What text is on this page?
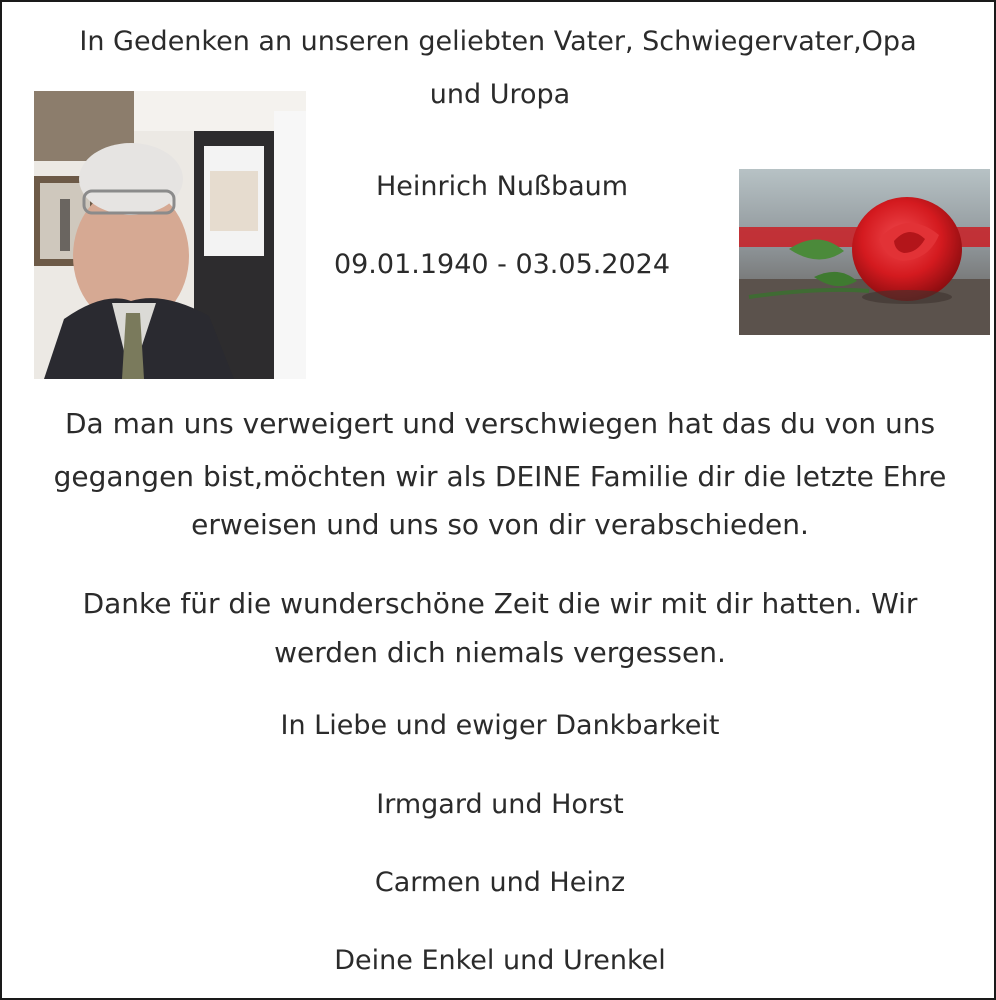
In Gedenken an unseren geliebten Vater, Schwiegervater,Opa
und Uropa
Heinrich Nußbaum
09.01.1940 - 03.05.2024
Da man uns verweigert und verschwiegen hat das du von uns
gegangen bist,möchten wir als DEINE Familie dir die letzte Ehre
erweisen und uns so von dir verabschieden.
Danke für die wunderschöne Zeit die wir mit dir hatten. Wir
werden dich niemals vergessen.
In Liebe und ewiger Dankbarkeit
Irmgard und Horst
Carmen und Heinz
Deine Enkel und Urenkel
